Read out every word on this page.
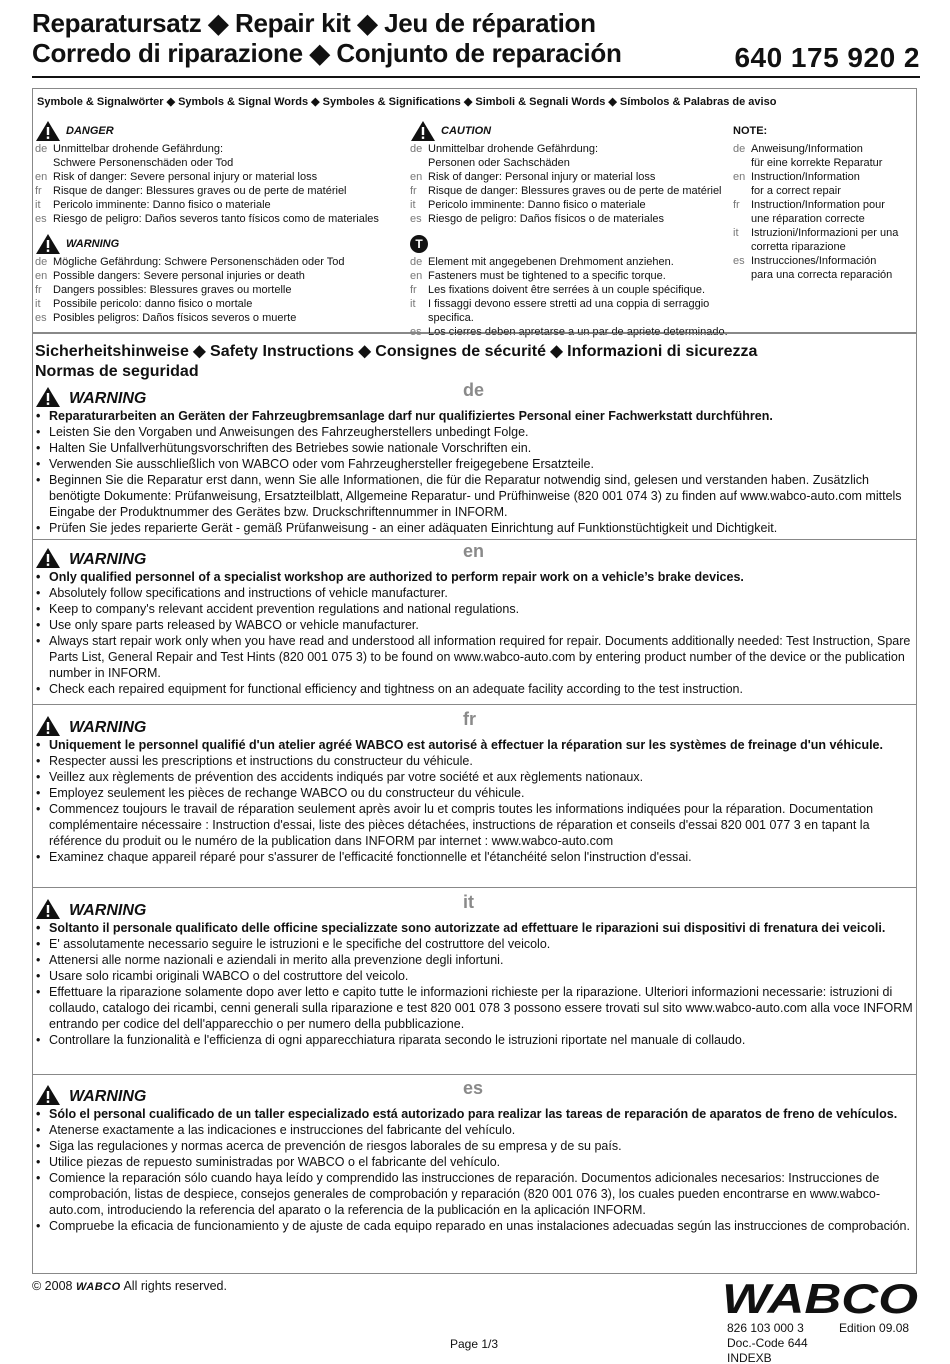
Reparatursatz ◆ Repair kit ◆ Jeu de réparation
Corredo di riparazione ◆ Conjunto de reparación	640 175 920 2
Symbole & Signalwörter ◆ Symbols & Signal Words ◆ Symboles & Significations ◆ Simboli & Segnali Words ◆ Símbolos & Palabras de aviso
DANGER
de Unmittelbar drohende Gefährdung:
Schwere Personenschäden oder Tod
en Risk of danger: Severe personal injury or material loss
fr	Risque de danger: Blessures graves ou de perte de matériel
it	Pericolo imminente: Danno fisico o materiale
es Riesgo de peligro: Daños severos tanto físicos como de materiales
WARNING
de Mögliche Gefährdung: Schwere Personenschäden oder Tod
en Possible dangers: Severe personal injuries or death
fr	Dangers possibles: Blessures graves ou mortelle
it	Possibile pericolo: danno fisico o mortale
es Posibles peligros: Daños físicos severos o muerte
CAUTION
de Unmittelbar drohende Gefährdung:
Personen oder Sachschäden
en Risk of danger: Personal injury or material loss
fr	Risque de danger: Blessures graves ou de perte de matériel
it	Pericolo imminente: Danno fisico o materiale
es Riesgo de peligro: Daños físicos o de materiales
T
de Element mit angegebenen Drehmoment anziehen.
en Fasteners must be tightened to a specific torque.
fr	Les fixations doivent être serrées à un couple spécifique.
it	I fissaggi devono essere stretti ad una coppia di serraggio
specifica.
es Los cierres deben apretarse a un par de apriete determinado.
NOTE:
de Anweisung/Information
für eine korrekte Reparatur
en Instruction/Information
for a correct repair
fr	Instruction/Information pour
une réparation correcte
it	Istruzioni/Informazioni per una
corretta riparazione
es Instrucciones/Información
para una correcta reparación
Sicherheitshinweise ◆ Safety Instructions ◆ Consignes de sécurité ◆ Informazioni di sicurezza
Normas de seguridad
WARNING	de
• Reparaturarbeiten an Geräten der Fahrzeugbremsanlage darf nur qualifiziertes Personal einer Fachwerkstatt durchführen.
• Leisten Sie den Vorgaben und Anweisungen des Fahrzeugherstellers unbedingt Folge.
• Halten Sie Unfallverhütungsvorschriften des Betriebes sowie nationale Vorschriften ein.
• Verwenden Sie ausschließlich von WABCO oder vom Fahrzeughersteller freigegebene Ersatzteile.
• Beginnen Sie die Reparatur erst dann, wenn Sie alle Informationen, die für die Reparatur notwendig sind, gelesen und verstanden haben. Zusätzlich benötigte Dokumente: Prüfanweisung, Ersatzteilblatt, Allgemeine Reparatur- und Prüfhinweise (820 001 074 3) zu finden auf www.wabco-auto.com mittels Eingabe der Produktnummer des Gerätes bzw. Druckschriftennummer in INFORM.
• Prüfen Sie jedes reparierte Gerät - gemäß Prüfanweisung - an einer adäquaten Einrichtung auf Funktionstüchtigkeit und Dichtigkeit.
WARNING	en
• Only qualified personnel of a specialist workshop are authorized to perform repair work on a vehicle’s brake devices.
• Absolutely follow specifications and instructions of vehicle manufacturer.
• Keep to company's relevant accident prevention regulations and national regulations.
• Use only spare parts released by WABCO or vehicle manufacturer.
• Always start repair work only when you have read and understood all information required for repair. Documents additionally needed: Test Instruction, Spare Parts List, General Repair and Test Hints (820 001 075 3) to be found on www.wabco-auto.com by entering product number of the device or the publication number in INFORM.
• Check each repaired equipment for functional efficiency and tightness on an adequate facility according to the test instruction.
WARNING	fr
• Uniquement le personnel qualifié d'un atelier agréé WABCO est autorisé à effectuer la réparation sur les systèmes de freinage d'un véhicule.
• Respecter aussi les prescriptions et instructions du constructeur du véhicule.
• Veillez aux règlements de prévention des accidents indiqués par votre société et aux règlements nationaux.
• Employez seulement les pièces de rechange WABCO ou du constructeur du véhicule.
• Commencez toujours le travail de réparation seulement après avoir lu et compris toutes les informations indiquées pour la réparation. Documentation complémentaire nécessaire : Instruction d'essai, liste des pièces détachées, instructions de réparation et conseils d'essai 820 001 077 3 en tapant la référence du produit ou le numéro de la publication dans INFORM par internet : www.wabco-auto.com
• Examinez chaque appareil réparé pour s'assurer de l'efficacité fonctionnelle et l'étanchéité selon l'instruction d'essai.
WARNING	it
• Soltanto il personale qualificato delle officine specializzate sono autorizzate ad effettuare le riparazioni sui dispositivi di frenatura dei veicoli.
• E' assolutamente necessario seguire le istruzioni e le specifiche del costruttore del veicolo.
• Attenersi alle norme nazionali e aziendali in merito alla prevenzione degli infortuni.
• Usare solo ricambi originali WABCO o del costruttore del veicolo.
• Effettuare la riparazione solamente dopo aver letto e capito tutte le informazioni richieste per la riparazione. Ulteriori informazioni necessarie: istruzioni di collaudo, catalogo dei ricambi, cenni generali sulla riparazione e test 820 001 078 3 possono essere trovati sul sito www.wabco-auto.com alla voce INFORM entrando per codice del dell'apparecchio o per numero della pubblicazione.
• Controllare la funzionalità e l'efficienza di ogni apparecchiatura riparata secondo le istruzioni riportate nel manuale di collaudo.
WARNING	es
• Sólo el personal cualificado de un taller especializado está autorizado para realizar las tareas de reparación de aparatos de freno de vehículos.
• Atenerse exactamente a las indicaciones e instrucciones del fabricante del vehículo.
• Siga las regulaciones y normas acerca de prevención de riesgos laborales de su empresa y de su país.
• Utilice piezas de repuesto suministradas por WABCO o el fabricante del vehículo.
• Comience la reparación sólo cuando haya leído y comprendido las instrucciones de reparación. Documentos adicionales necesarios: Instrucciones de comprobación, listas de despiece, consejos generales de comprobación y reparación (820 001 076 3), los cuales pueden encontrarse en www.wabco-auto.com, introduciendo la referencia del aparato o la referencia de la publicación en la aplicación INFORM.
• Compruebe la eficacia de funcionamiento y de ajuste de cada equipo reparado en unas instalaciones adecuadas según las instrucciones de comprobación.
© 2008 WABCO All rights reserved.	WABCO
Page 1/3
826 103 000 3	Edition 09.08
Doc.-Code 644
INDEXB
